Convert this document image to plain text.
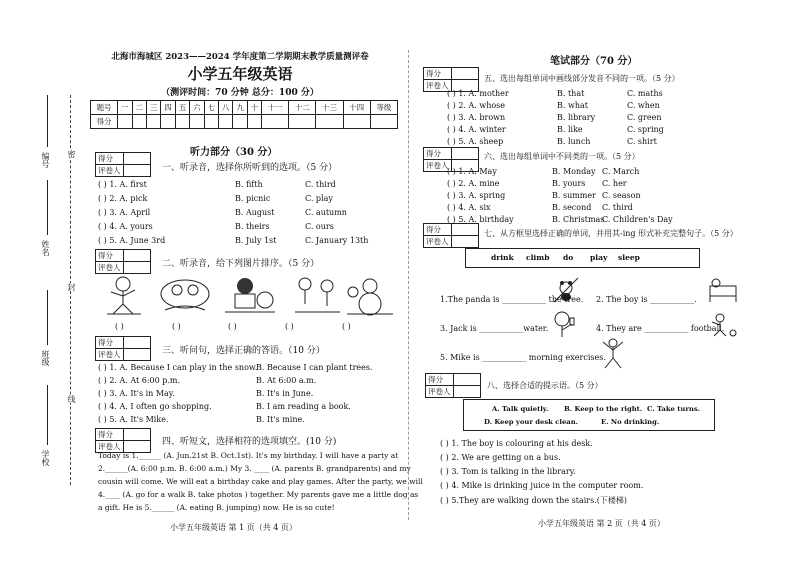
密
封
线
编号
姓名
班级
学校
北海市海城区 2023——2024 学年度第二学期期末教学质量测评卷
小学五年级英语
（测评时间：70 分钟 总分：100 分）
题号	一	二	三	四	五	六	七	八	九	十	十一	十二	十三	十四	等级
得分															
听力部分（30 分）
得分	
评卷人		一、听录音，选择你所听到的选项。（5 分）
( ) 1. A. first	B. fifth	C. third
( ) 2. A. pick	B. picnic	C. play
( ) 3. A. April	B. August	C. autumn
( ) 4. A. yours	B. theirs	C. ours
( ) 5. A. June 3rd	B. July 1st	C. January 13th
得分	
评卷人		二、听录音，给下列图片排序。（5 分）
( )	( )	( )	( )	( )
得分	
评卷人		三、听问句，选择正确的答语。（10 分）
( ) 1. A. Because I can play in the snow.
B. Because I can plant trees.
( ) 2. A. At 6:00 p.m.	B. At 6:00 a.m.
( ) 3. A. It's in May.	B. It's in June.
( ) 4. A. I often go shopping.	B. I am reading a book.
( ) 5. A. It's Mike.	B. It's mine.
得分	
评卷人		四、听短文，选择相符的选项填空。(10 分)
Today is 1.______ (A. Jun.21st B. Oct.1st). It's my birthday. I will have a party at
2.______(A. 6:00 p.m. B. 6:00 a.m.) My 3. ____ (A. parents B. grandparents) and my
cousin will come. We will eat a birthday cake and play games. After the party, we will
4.____ (A. go for a walk B. take photos ) together. My parents gave me a little dog as
a gift. He is 5.______ (A. eating B. jumping) now. He is so cute!
小学五年级英语 第 1 页（共 4 页）
笔试部分（70 分）
得分	
评卷人	
五、选出每组单词中画线部分发音不同的一项。（5 分）
( ) 1. A. mother	B. that	C. maths
( ) 2. A. whose	B. what	C. when
( ) 3. A. brown	B. library	C. green
( ) 4. A. winter	B. like	C. spring
( ) 5. A. sheep	B. lunch	C. shirt
得分	
评卷人	
六、选出每组单词中不同类的一项。（5 分）
( ) 1. A. May	B. Monday C. March
( ) 2. A. mine	B. yours C. her
( ) 3. A. spring	B. summer C. season
( ) 4. A. six	B. second C. third
( ) 5. A. birthday	B. Christmas
C. Children's Day
得分	
评卷人	
七、从方框里选择正确的单词，并用其-ing 形式补充完整句子。（5 分）
drink climb do play sleep
1.The panda is ___________ the tree. 2. The boy is ___________.
3. Jack is ___________water.	4. They are ___________ football.
5. Mike is ___________ morning exercises.
得分	
评卷人	
八、选择合适的提示语。（5 分）
A. Talk quietly. B. Keep to the right. C. Take turns.
D. Keep your desk clean.	E. No drinking.
( ) 1. The boy is colouring at his desk.
( ) 2. We are getting on a bus.
( ) 3. Tom is talking in the library.
( ) 4. Mike is drinking juice in the computer room.
( ) 5.They are walking down the stairs.(下楼梯)
小学五年级英语 第 2 页（共 4 页）
